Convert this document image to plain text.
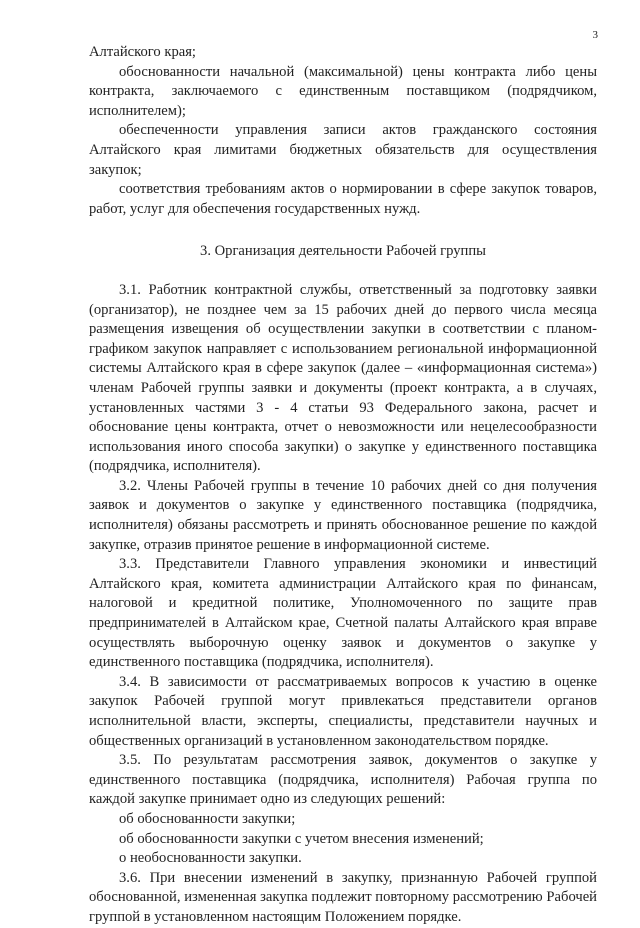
3

Алтайского края;

обоснованности начальной (максимальной) цены контракта либо цены контракта, заключаемого с единственным поставщиком (подрядчиком, исполнителем);

обеспеченности управления записи актов гражданского состояния Алтайского края лимитами бюджетных обязательств для осуществления закупок;

соответствия требованиям актов о нормировании в сфере закупок товаров, работ, услуг для обеспечения государственных нужд.

3. Организация деятельности Рабочей группы

3.1. Работник контрактной службы, ответственный за подготовку заявки (организатор), не позднее чем за 15 рабочих дней до первого числа месяца размещения извещения об осуществлении закупки в соответствии с планом-графиком закупок направляет с использованием региональной информационной системы Алтайского края в сфере закупок (далее – «информационная система») членам Рабочей группы заявки и документы (проект контракта, а в случаях, установленных частями 3 - 4 статьи 93 Федерального закона, расчет и обоснование цены контракта, отчет о невозможности или нецелесообразности использования иного способа закупки) о закупке у единственного поставщика (подрядчика, исполнителя).

3.2. Члены Рабочей группы в течение 10 рабочих дней со дня получения заявок и документов о закупке у единственного поставщика (подрядчика, исполнителя) обязаны рассмотреть и принять обоснованное решение по каждой закупке, отразив принятое решение в информационной системе.

3.3. Представители Главного управления экономики и инвестиций Алтайского края, комитета администрации Алтайского края по финансам, налоговой и кредитной политике, Уполномоченного по защите прав предпринимателей в Алтайском крае, Счетной палаты Алтайского края вправе осуществлять выборочную оценку заявок и документов о закупке у единственного поставщика (подрядчика, исполнителя).

3.4. В зависимости от рассматриваемых вопросов к участию в оценке закупок Рабочей группой могут привлекаться представители органов исполнительной власти, эксперты, специалисты, представители научных и общественных организаций в установленном законодательством порядке.

3.5. По результатам рассмотрения заявок, документов о закупке у единственного поставщика (подрядчика, исполнителя) Рабочая группа по каждой закупке принимает одно из следующих решений:

об обоснованности закупки;

об обоснованности закупки с учетом внесения изменений;

о необоснованности закупки.

3.6. При внесении изменений в закупку, признанную Рабочей группой обоснованной, измененная закупка подлежит повторному рассмотрению Рабочей группой в установленном настоящим Положением порядке.
